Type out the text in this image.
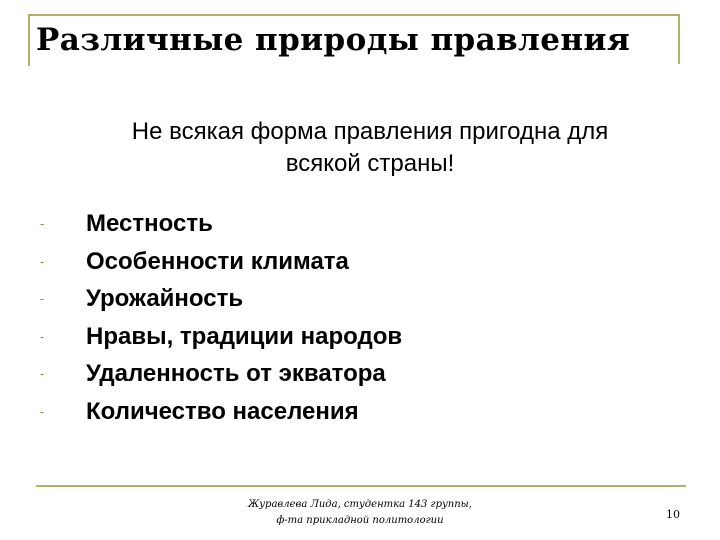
Различные природы правления
Не всякая форма правления пригодна для
всякой страны!
- Местность
- Особенности климата
- Урожайность
- Нравы, традиции народов
- Удаленность от экватора
- Количество населения
Журавлева Лида, студентка 143 группы,
ф-та прикладной политологии	10
